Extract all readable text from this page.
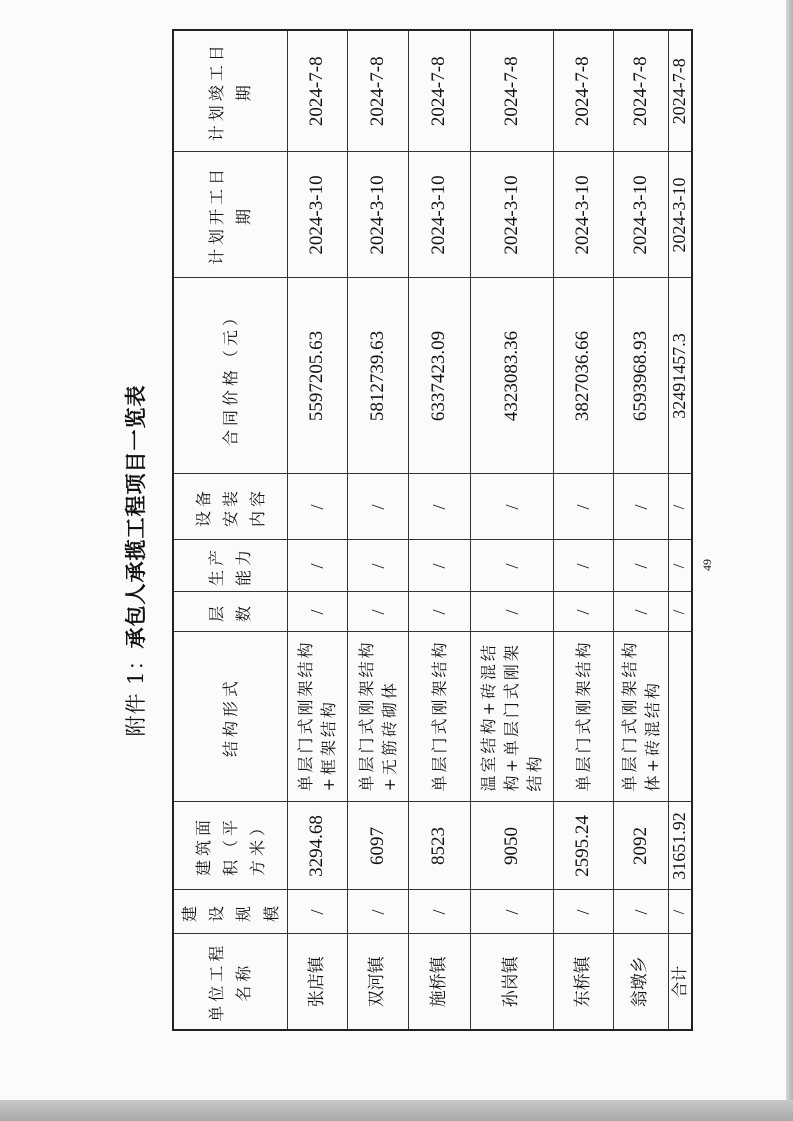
附件 1：承包人承揽工程项目一览表
单位工程名称	建设规模	建筑面积（平方米）	结构形式	层数	生产能力	设备安装内容	合同价格（元）	计划开工日期	计划竣工日期
张店镇	/	3294.68	单层门式刚架结构+框架结构	/	/	/	5597205.63	2024-3-10	2024-7-8
双河镇	/	6097	单层门式刚架结构+无筋砖砌体	/	/	/	5812739.63	2024-3-10	2024-7-8
施桥镇	/	8523	单层门式刚架结构	/	/	/	6337423.09	2024-3-10	2024-7-8
孙岗镇	/	9050	温室结构+砖混结构+单层门式刚架结构	/	/	/	4323083.36	2024-3-10	2024-7-8
东桥镇	/	2595.24	单层门式刚架结构	/	/	/	3827036.66	2024-3-10	2024-7-8
翁墩乡	/	2092	单层门式刚架结构体+砖混结构	/	/	/	6593968.93	2024-3-10	2024-7-8
合计	/	31651.92		/	/	/	32491457.3	2024-3-10	2024-7-8
49
